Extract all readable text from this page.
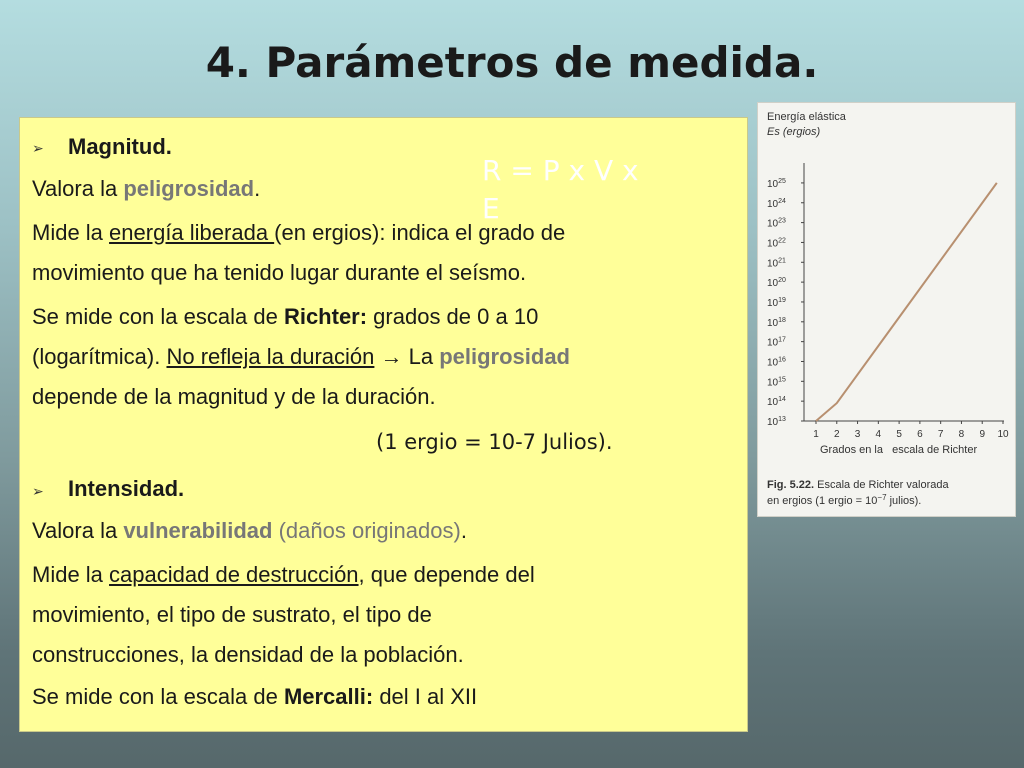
4. Parámetros de medida.
R = P x V x E
➢ Magnitud.
Valora la peligrosidad.
Mide la energía liberada (en ergios): indica el grado de
movimiento que ha tenido lugar durante el seísmo.
Se mide con la escala de Richter: grados de 0 a 10
(logarítmica). No refleja la duración → La peligrosidad
depende de la magnitud y de la duración.
(1 ergio = 10-7 Julios).
➢ Intensidad.
Valora la vulnerabilidad (daños originados).
Mide la capacidad de destrucción, que depende del
movimiento, el tipo de sustrato, el tipo de
construcciones, la densidad de la población.
Se mide con la escala de Mercalli: del I al XII
Energía elástica
Es (ergios)
$10^{13}$
$10^{14}$
$10^{15}$
$10^{16}$
$10^{17}$
$10^{18}$
$10^{19}$
$10^{20}$
$10^{21}$
$10^{22}$
$10^{23}$
$10^{24}$
$10^{25}$
1 2 3 4 5 6 7 8 9 10
Grados en la   escala de Richter
Fig. 5.22. Escala de Richter valorada
en ergios (1 ergio = $10^{-7}$ julios).
